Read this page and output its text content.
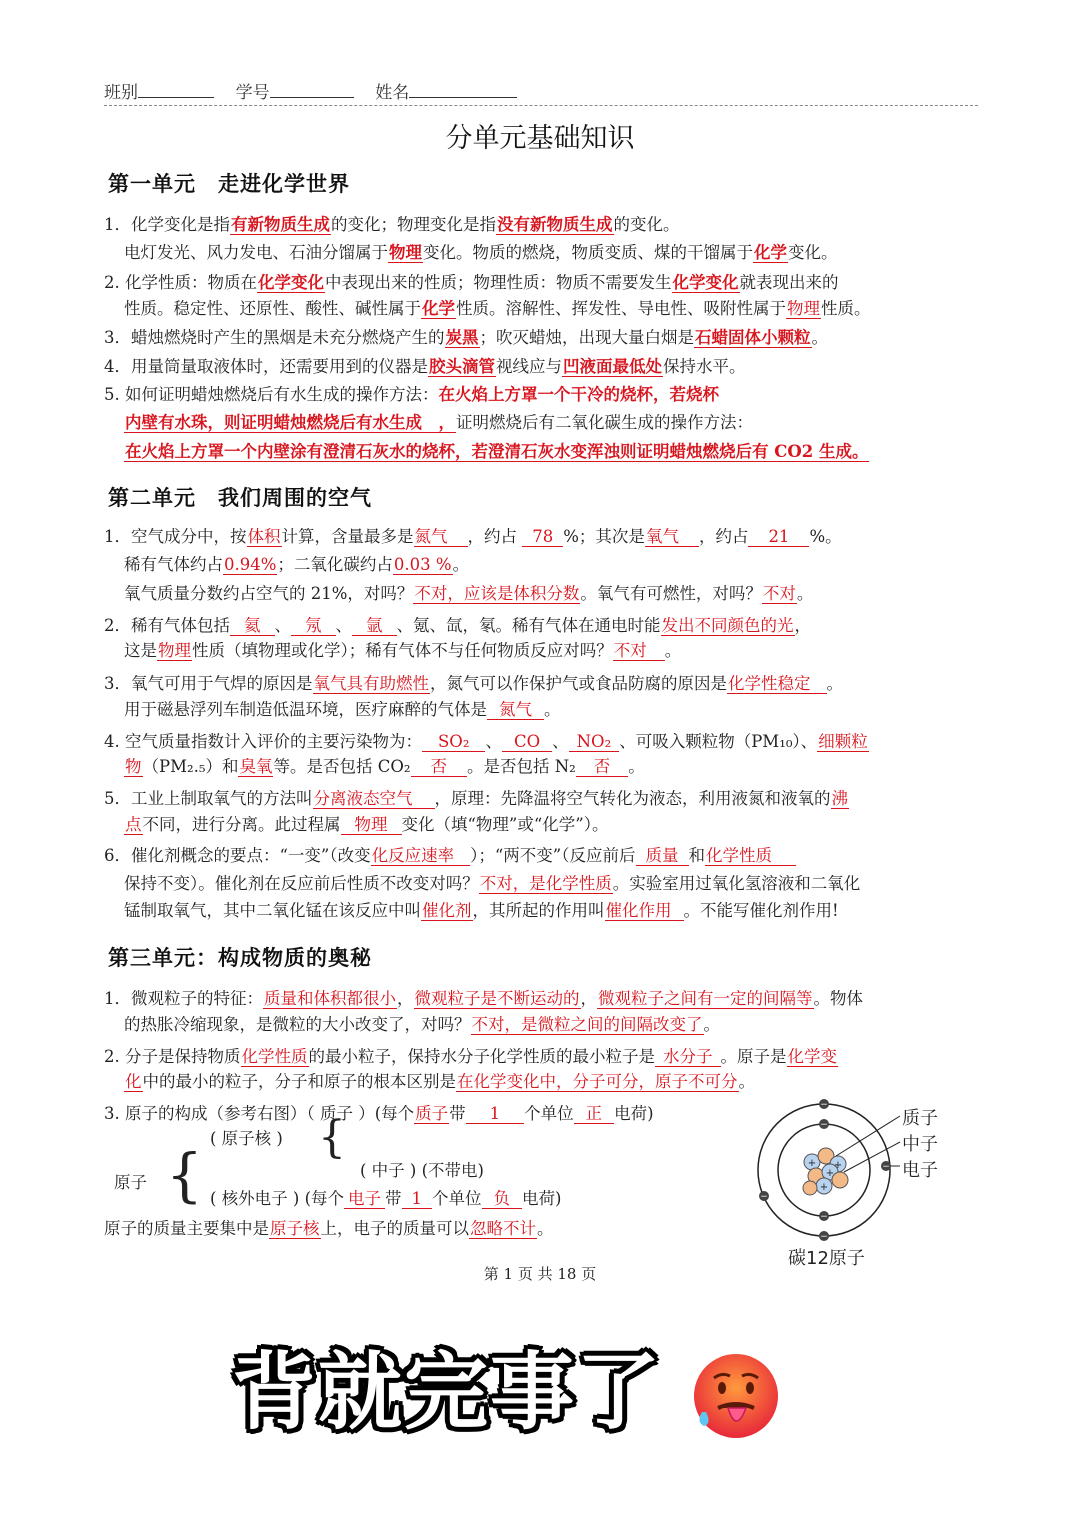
班别	学号	姓名
分单元基础知识
第一单元　走进化学世界
1．化学变化是指有新物质生成的变化；物理变化是指没有新物质生成的变化。
电灯发光、风力发电、石油分馏属于物理变化。物质的燃烧，物质变质、煤的干馏属于化学变化。
2. 化学性质：物质在化学变化中表现出来的性质；物理性质：物质不需要发生化学变化就表现出来的
性质。稳定性、还原性、酸性、碱性属于化学性质。溶解性、挥发性、导电性、吸附性属于物理性质。
3．蜡烛燃烧时产生的黑烟是未充分燃烧产生的炭黑；吹灭蜡烛，出现大量白烟是石蜡固体小颗粒。
4．用量筒量取液体时，还需要用到的仪器是胶头滴管视线应与凹液面最低处保持水平。
5. 如何证明蜡烛燃烧后有水生成的操作方法：在火焰上方罩一个干冷的烧杯，若烧杯
内壁有水珠，则证明蜡烛燃烧后有水生成　，证明燃烧后有二氧化碳生成的操作方法：
在火焰上方罩一个内壁涂有澄清石灰水的烧杯，若澄清石灰水变浑浊则证明蜡烛燃烧后有 CO2 生成。
第二单元　我们周围的空气
1．空气成分中，按体积计算，含量最多是氮气 ，约占 78 %；其次是氧气 ，约占 21 %。
稀有气体约占0.94%；二氧化碳约占0.03 %。
氧气质量分数约占空气的 21%，对吗？不对，应该是体积分数。氧气有可燃性，对吗？不对。
2．稀有气体包括 氦 、 氖 、 氩 、氪、氙，氡。稀有气体在通电时能发出不同颜色的光，
这是物理性质（填物理或化学）；稀有气体不与任何物质反应对吗？不对 。
3．氧气可用于气焊的原因是氧气具有助燃性，氮气可以作保护气或食品防腐的原因是化学性稳定 。
用于磁悬浮列车制造低温环境，医疗麻醉的气体是 氮气 。
4. 空气质量指数计入评价的主要污染物为： SO₂ 、 CO 、 NO₂ 、可吸入颗粒物（PM₁₀）、细颗粒
物（PM₂.₅）和臭氧等。是否包括 CO₂ 否 。是否包括 N₂ 否 。
5．工业上制取氧气的方法叫分离液态空气 ，原理：先降温将空气转化为液态，利用液氮和液氧的沸
点不同，进行分离。此过程属 物理 变化（填“物理”或“化学”）。
6．催化剂概念的要点：“一变”（改变化反应速率 ）；“两不变”（反应前后 质量 和化学性质
保持不变）。催化剂在反应前后性质不改变对吗？不对，是化学性质。实验室用过氧化氢溶液和二氧化
锰制取氧气，其中二氧化锰在该反应中叫催化剂，其所起的作用叫催化作用 。不能写催化剂作用!
第三单元：构成物质的奥秘
1．微观粒子的特征：质量和体积都很小，微观粒子是不断运动的，微观粒子之间有一定的间隔等。物体
的热胀冷缩现象，是微粒的大小改变了，对吗？不对，是微粒之间的间隔改变了。
2. 分子是保持物质化学性质的最小粒子，保持水分子化学性质的最小粒子是 水分子 。原子是化学变
化中的最小的粒子，分子和原子的根本区别是在化学变化中，分子可分，原子不可分。
3. 原子的构成（参考右图）（ 质子 ）(每个质子带 1 个单位 正 电荷)
( 原子核 ) {
( 中子 ) (不带电)
原子 { ( 核外电子 ) (每个 电子 带 1 个单位 负 电荷)
原子的质量主要集中是原子核上，电子的质量可以忽略不计。
+ +
+
+
−
−
−
−
−
−
质子
中子
电子
碳12原子
第 1 页 共 18 页
背就完事了
